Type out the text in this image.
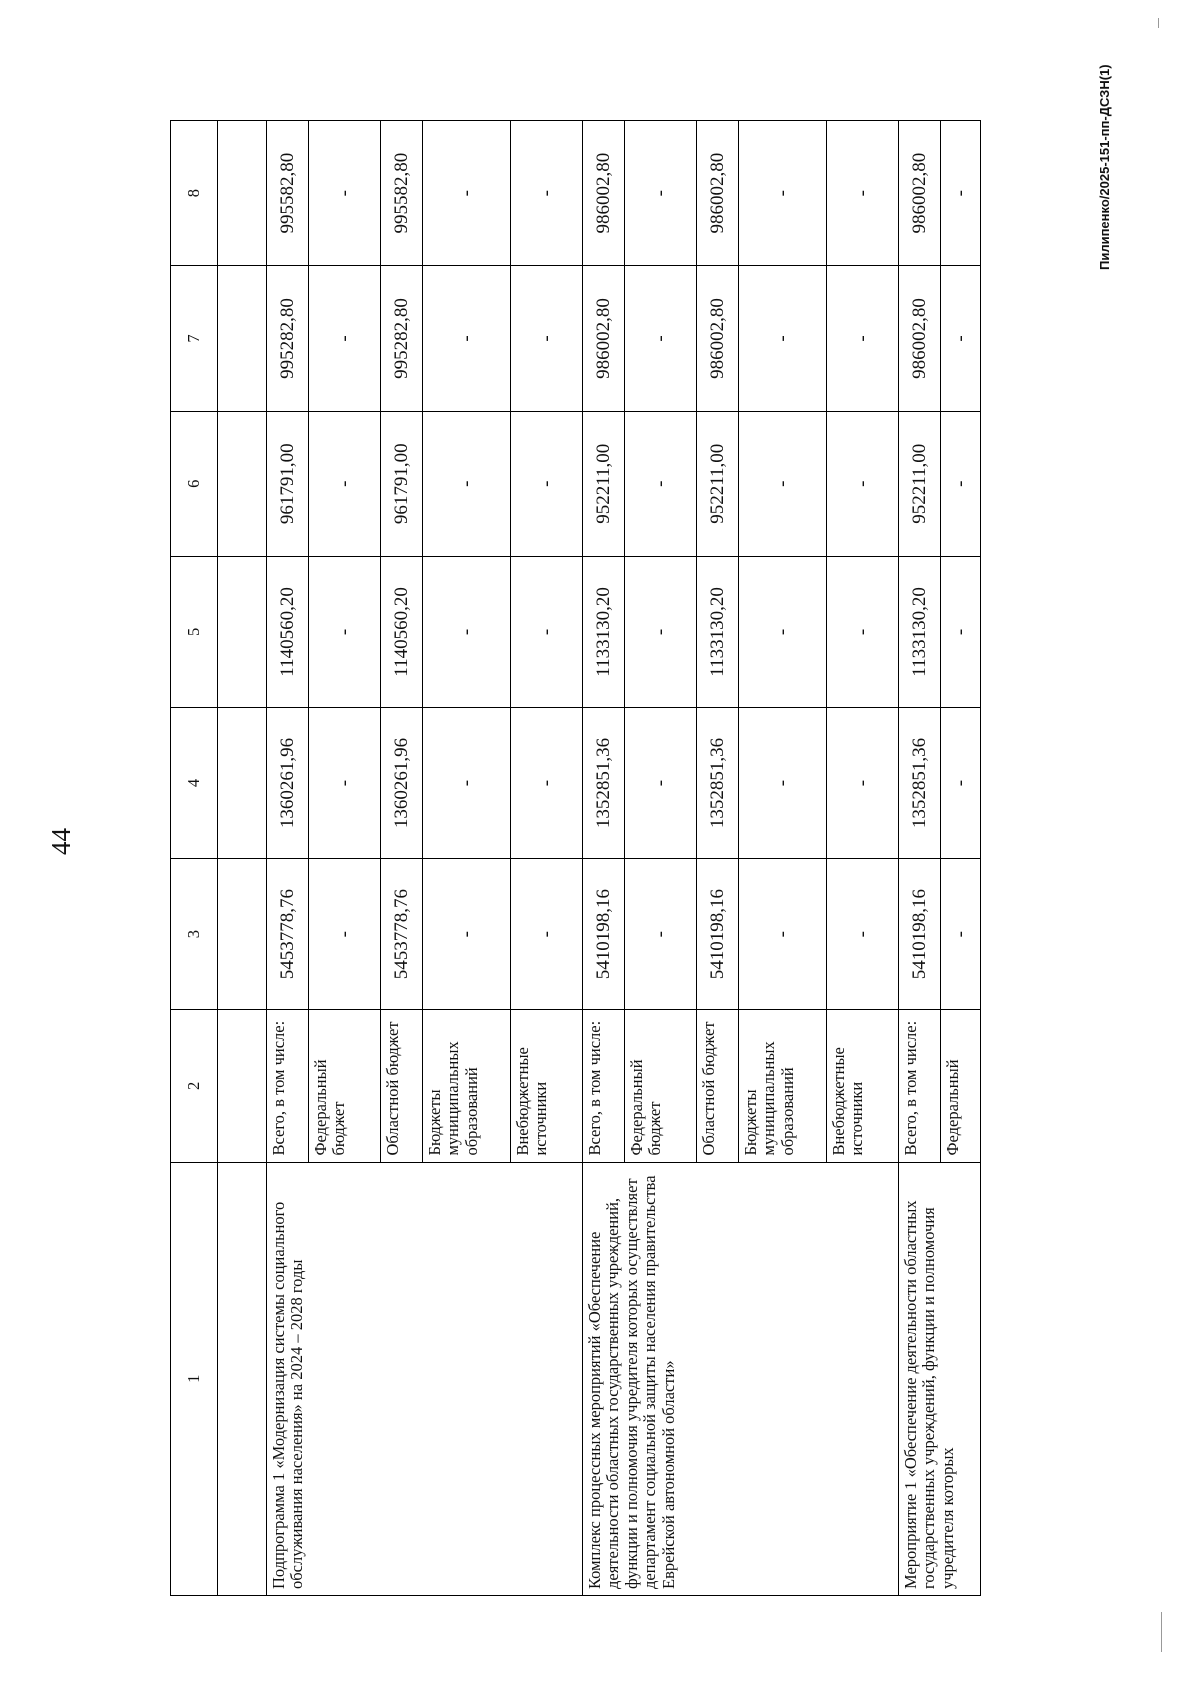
44
Пилипенко/2025-151-пп-ДСЗН(1)
1	2	3	4	5	6	7	8

Подпрограмма 1 «Модернизация системы социального обслуживания населения» на 2024 – 2028 годы	Всего, в том числе:	5453778,76	1360261,96	1140560,20	961791,00	995282,80	995582,80
	Федеральный бюджет	-	-	-	-	-	-
	Областной бюджет	5453778,76	1360261,96	1140560,20	961791,00	995282,80	995582,80
	Бюджеты муниципальных образований	-	-	-	-	-	-
	Внебюджетные источники	-	-	-	-	-	-
Комплекс процессных мероприятий «Обеспечение деятельности областных государственных учреждений, функции и полномочия учредителя которых осуществляет департамент социальной защиты населения правительства Еврейской автономной области»	Всего, в том числе:	5410198,16	1352851,36	1133130,20	952211,00	986002,80	986002,80
	Федеральный бюджет	-	-	-	-	-	-
	Областной бюджет	5410198,16	1352851,36	1133130,20	952211,00	986002,80	986002,80
	Бюджеты муниципальных образований	-	-	-	-	-	-
	Внебюджетные источники	-	-	-	-	-	-
Мероприятие 1 «Обеспечение деятельности областных государственных учреждений, функции и полномочия учредителя которых	Всего, в том числе:	5410198,16	1352851,36	1133130,20	952211,00	986002,80	986002,80
	Федеральный	-	-	-	-	-	-
